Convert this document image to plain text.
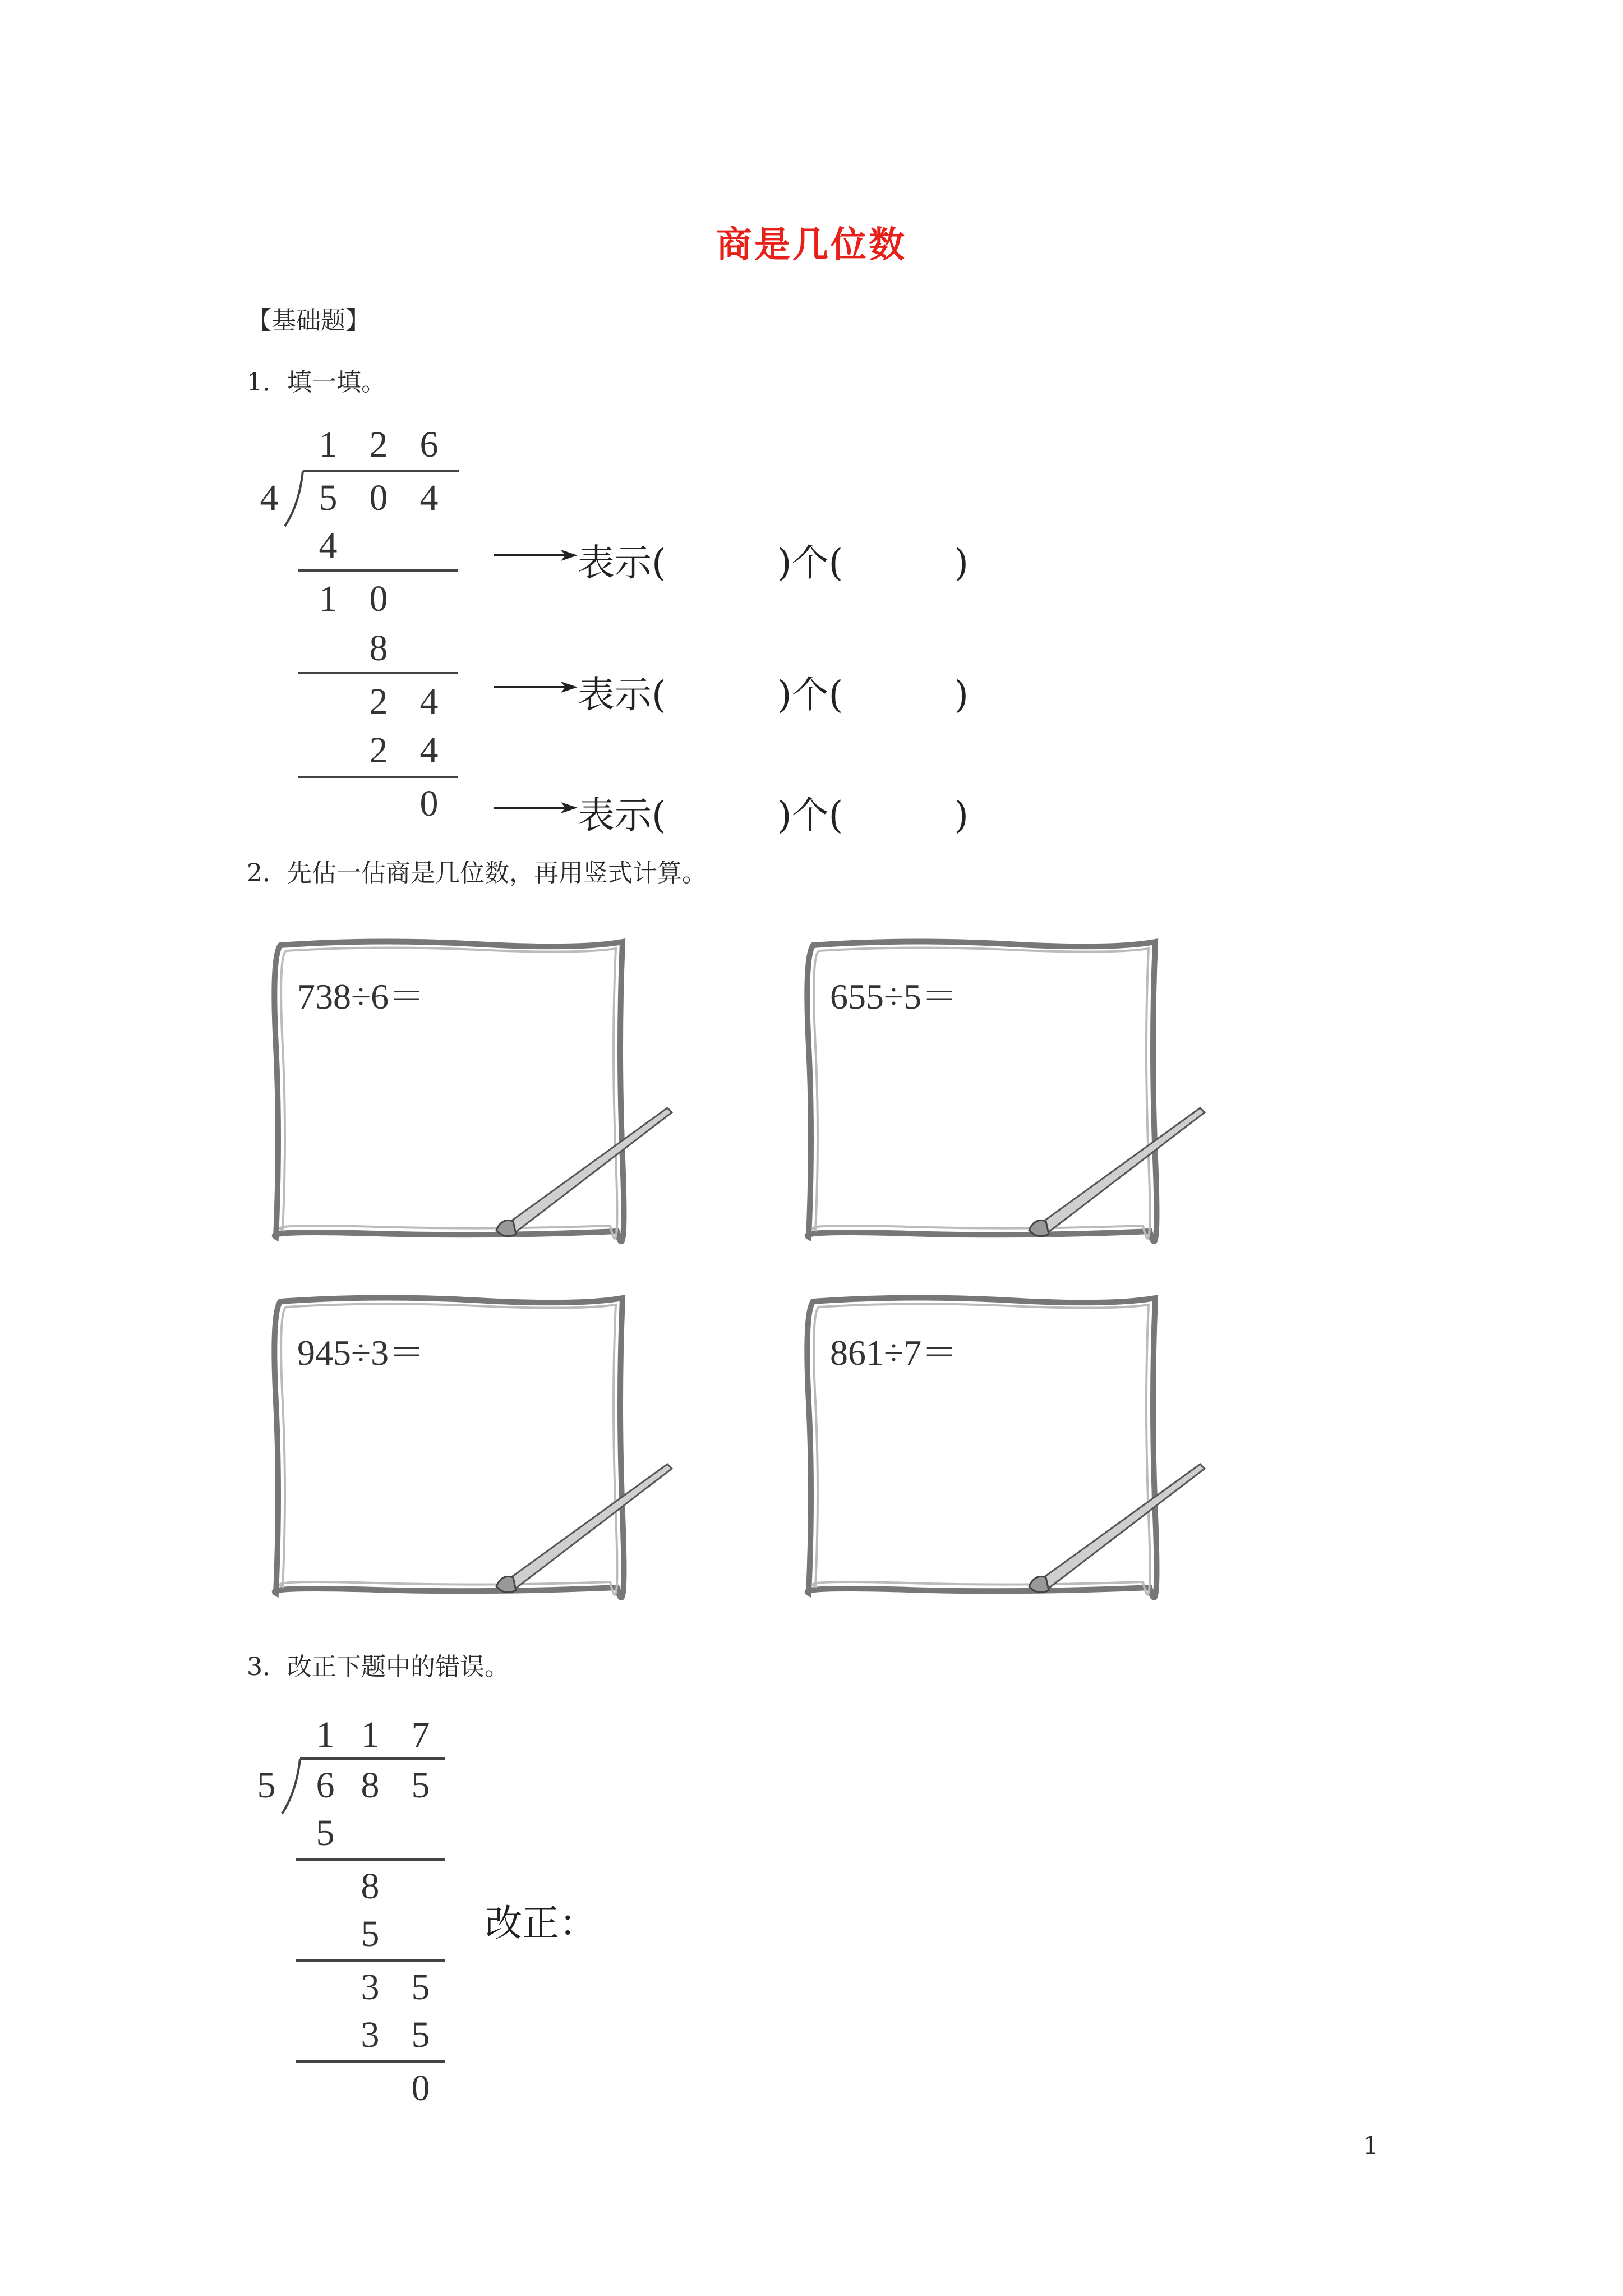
商是几位数
【基础题】
1．填一填。
1 2 6
4	5 0 4
4
1 0
8
2 4
2 4
0
表示(　　　)个(　　　)
表示(　　　)个(　　　)
表示(　　　)个(　　　)
2．先估一估商是几位数，再用竖式计算。
738÷6＝	655÷5＝
945÷3＝	861÷7＝
3．改正下题中的错误。
1 1 7
5	6 8 5
5
8
5
3 5
3 5
0
改正：
1
